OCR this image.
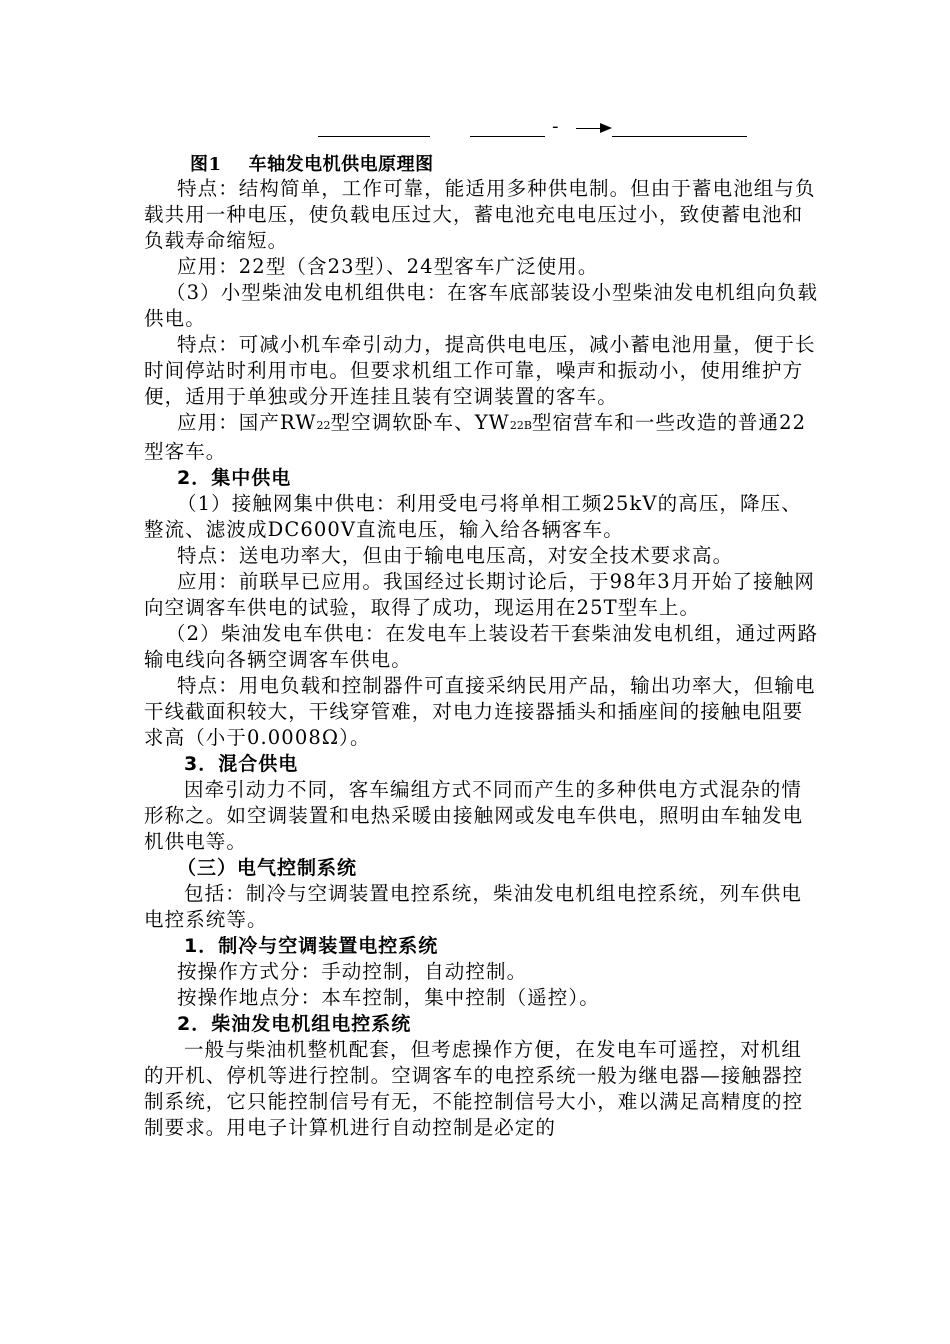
-
图1    车轴发电机供电原理图

特点：结构简单，工作可靠，能适用多种供电制。但由于蓄电池组与负载共用一种电压，使负载电压过大，蓄电池充电电压过小，致使蓄电池和负载寿命缩短。

应用：22型（含23型）、24型客车广泛使用。

（3）小型柴油发电机组供电：在客车底部装设小型柴油发电机组向负载供电。

特点：可减小机车牵引动力，提高供电电压，减小蓄电池用量，便于长时间停站时利用市电。但要求机组工作可靠，噪声和振动小，使用维护方便，适用于单独或分开连挂且装有空调装置的客车。

应用：国产RW22型空调软卧车、YW22B型宿营车和一些改造的普通22型客车。

2．集中供电

（1）接触网集中供电：利用受电弓将单相工频25kV的高压，降压、整流、滤波成DC600V直流电压，输入给各辆客车。

特点：送电功率大，但由于输电电压高，对安全技术要求高。

应用：前联早已应用。我国经过长期讨论后，于98年3月开始了接触网向空调客车供电的试验，取得了成功，现运用在25T型车上。

（2）柴油发电车供电：在发电车上装设若干套柴油发电机组，通过两路输电线向各辆空调客车供电。

特点：用电负载和控制器件可直接采纳民用产品，输出功率大，但输电干线截面积较大，干线穿管难，对电力连接器插头和插座间的接触电阻要求高（小于0.0008Ω）。

3．混合供电

因牵引动力不同，客车编组方式不同而产生的多种供电方式混杂的情形称之。如空调装置和电热采暖由接触网或发电车供电，照明由车轴发电机供电等。

（三）电气控制系统

包括：制冷与空调装置电控系统，柴油发电机组电控系统，列车供电电控系统等。

1．制冷与空调装置电控系统

按操作方式分：手动控制，自动控制。

按操作地点分：本车控制，集中控制（遥控）。

2．柴油发电机组电控系统

一般与柴油机整机配套，但考虑操作方便，在发电车可遥控，对机组的开机、停机等进行控制。空调客车的电控系统一般为继电器—接触器控制系统，它只能控制信号有无，不能控制信号大小，难以满足高精度的控制要求。用电子计算机进行自动控制是必定的
